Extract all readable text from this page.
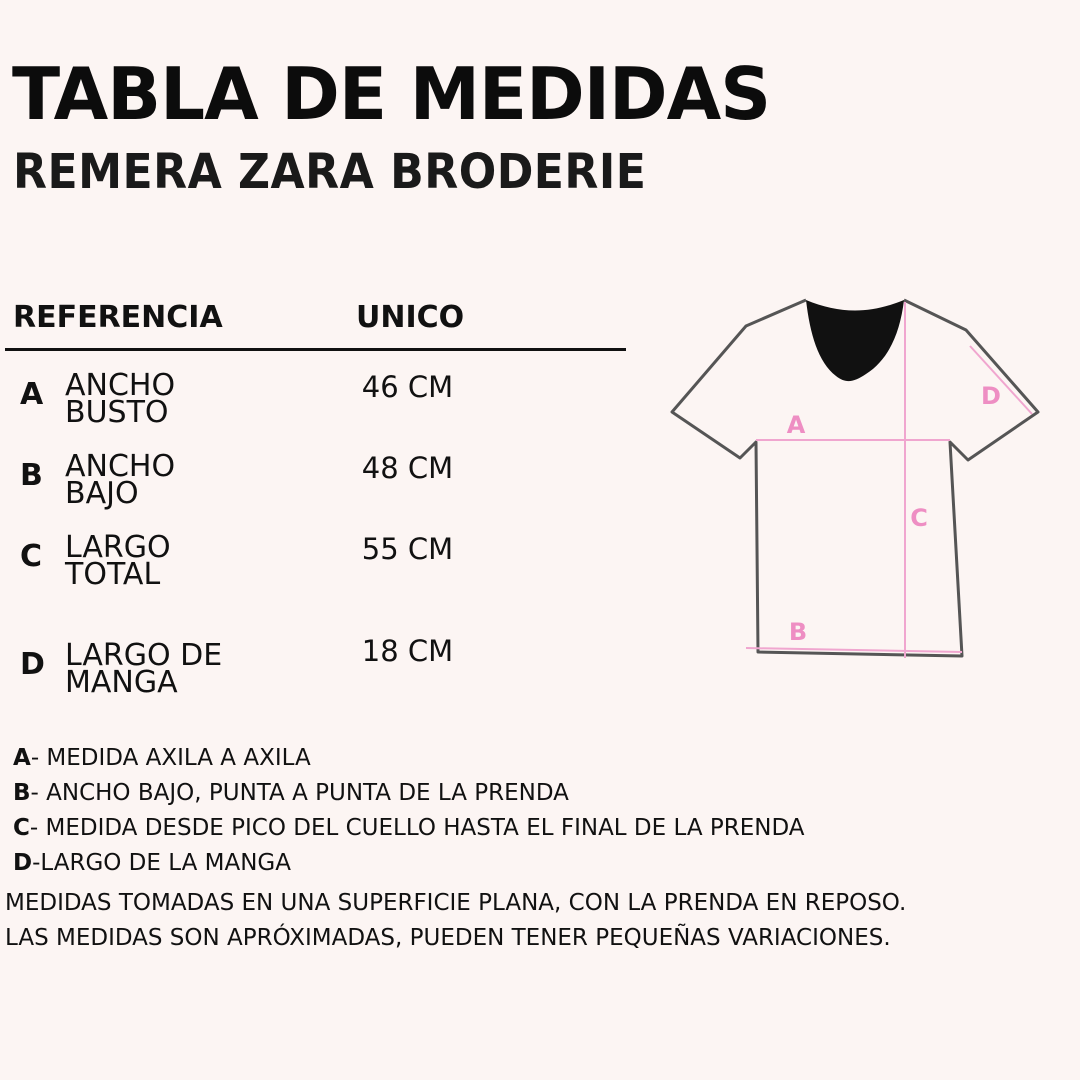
TABLA DE MEDIDAS
REMERA ZARA BRODERIE
REFERENCIA	UNICO
A ANCHO
BUSTO
46 CM
B ANCHO
BAJO
48 CM
C LARGO
TOTAL
55 CM
D LARGO DE
MANGA
18 CM
A- MEDIDA AXILA A AXILA
B- ANCHO BAJO, PUNTA A PUNTA DE LA PRENDA
C- MEDIDA DESDE PICO DEL CUELLO HASTA EL FINAL DE LA PRENDA
D-LARGO DE LA MANGA
MEDIDAS TOMADAS EN UNA SUPERFICIE PLANA, CON LA PRENDA EN REPOSO.
LAS MEDIDAS SON APRÓXIMADAS, PUEDEN TENER PEQUEÑAS VARIACIONES.
A
B
C
D
